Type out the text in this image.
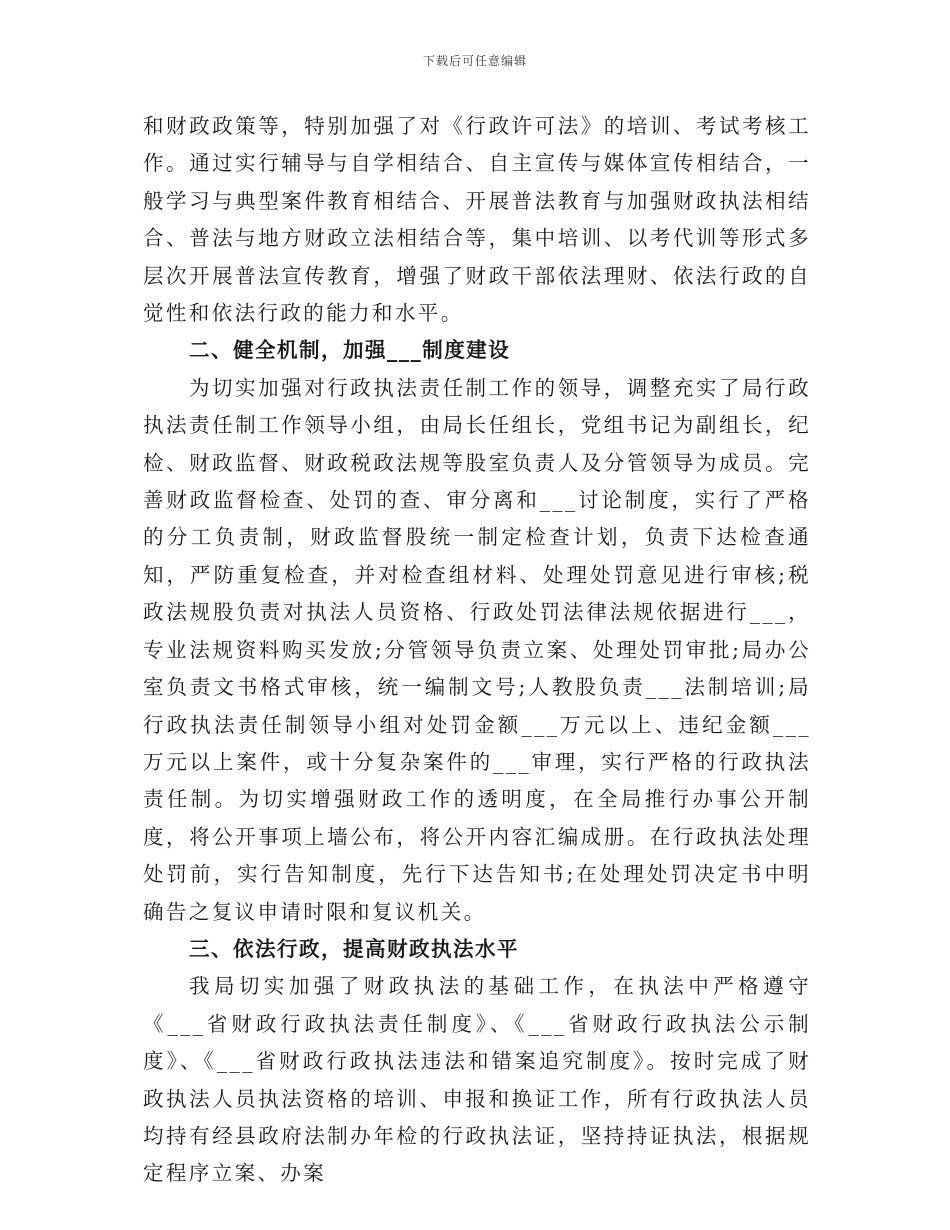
下载后可任意编辑

和财政政策等，特别加强了对《行政许可法》的培训、考试考核工作。通过实行辅导与自学相结合、自主宣传与媒体宣传相结合，一般学习与典型案件教育相结合、开展普法教育与加强财政执法相结合、普法与地方财政立法相结合等，集中培训、以考代训等形式多层次开展普法宣传教育，增强了财政干部依法理财、依法行政的自觉性和依法行政的能力和水平。

二、健全机制，加强___制度建设

为切实加强对行政执法责任制工作的领导，调整充实了局行政执法责任制工作领导小组，由局长任组长，党组书记为副组长，纪检、财政监督、财政税政法规等股室负责人及分管领导为成员。完善财政监督检查、处罚的查、审分离和___讨论制度，实行了严格的分工负责制，财政监督股统一制定检查计划，负责下达检查通知，严防重复检查，并对检查组材料、处理处罚意见进行审核;税政法规股负责对执法人员资格、行政处罚法律法规依据进行___，专业法规资料购买发放;分管领导负责立案、处理处罚审批;局办公室负责文书格式审核，统一编制文号;人教股负责___法制培训;局行政执法责任制领导小组对处罚金额___万元以上、违纪金额___万元以上案件，或十分复杂案件的___审理，实行严格的行政执法责任制。为切实增强财政工作的透明度，在全局推行办事公开制度，将公开事项上墙公布，将公开内容汇编成册。在行政执法处理处罚前，实行告知制度，先行下达告知书;在处理处罚决定书中明确告之复议申请时限和复议机关。

三、依法行政，提高财政执法水平

我局切实加强了财政执法的基础工作，在执法中严格遵守《___省财政行政执法责任制度》、《___省财政行政执法公示制度》、《___省财政行政执法违法和错案追究制度》。按时完成了财政执法人员执法资格的培训、申报和换证工作，所有行政执法人员均持有经县政府法制办年检的行政执法证，坚持持证执法，根据规定程序立案、办案
